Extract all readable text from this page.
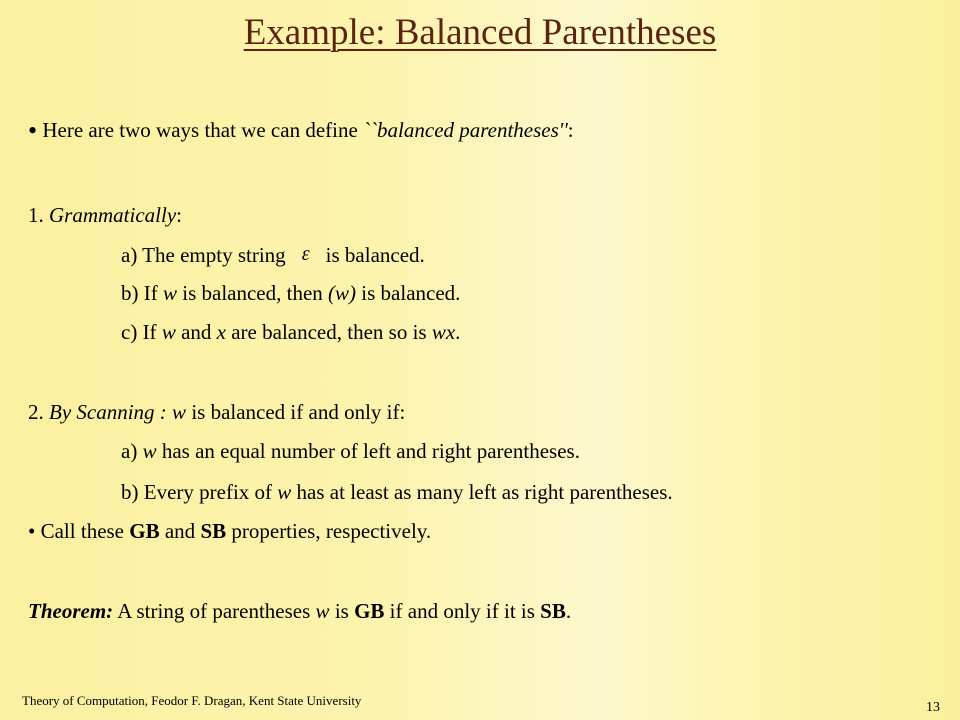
Example: Balanced Parentheses
• Here are two ways that we can define ``balanced parentheses'':
1. Grammatically:
a) The empty string ε is balanced.
b) If w is balanced, then (w) is balanced.
c) If w and x are balanced, then so is wx.
2. By Scanning : w is balanced if and only if:
a) w has an equal number of left and right parentheses.
b) Every prefix of w has at least as many left as right parentheses.
• Call these GB and SB properties, respectively.
Theorem: A string of parentheses w is GB if and only if it is SB.
Theory of Computation, Feodor F. Dragan, Kent State University	13
